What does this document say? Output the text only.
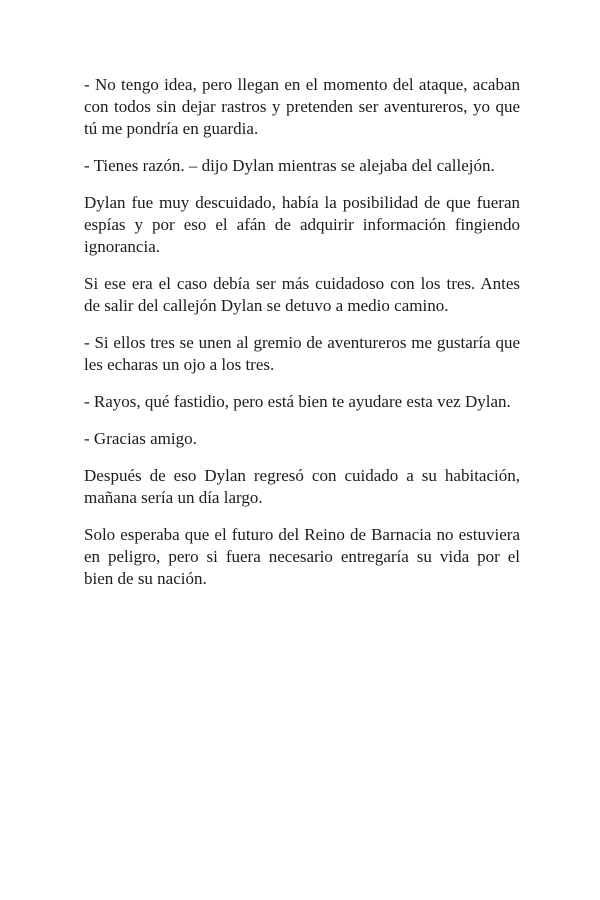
- No tengo idea, pero llegan en el momento del ataque, acaban
con todos sin dejar rastros y pretenden ser aventureros, yo que
tú me pondría en guardia.

- Tienes razón. – dijo Dylan mientras se alejaba del callejón.

Dylan fue muy descuidado, había la posibilidad de que fueran
espías y por eso el afán de adquirir información fingiendo
ignorancia.

Si ese era el caso debía ser más cuidadoso con los tres. Antes
de salir del callejón Dylan se detuvo a medio camino.

- Si ellos tres se unen al gremio de aventureros me gustaría que
les echaras un ojo a los tres.

- Rayos, qué fastidio, pero está bien te ayudare esta vez Dylan.

- Gracias amigo.

Después de eso Dylan regresó con cuidado a su habitación,
mañana sería un día largo.

Solo esperaba que el futuro del Reino de Barnacia no estuviera
en peligro, pero si fuera necesario entregaría su vida por el
bien de su nación.
